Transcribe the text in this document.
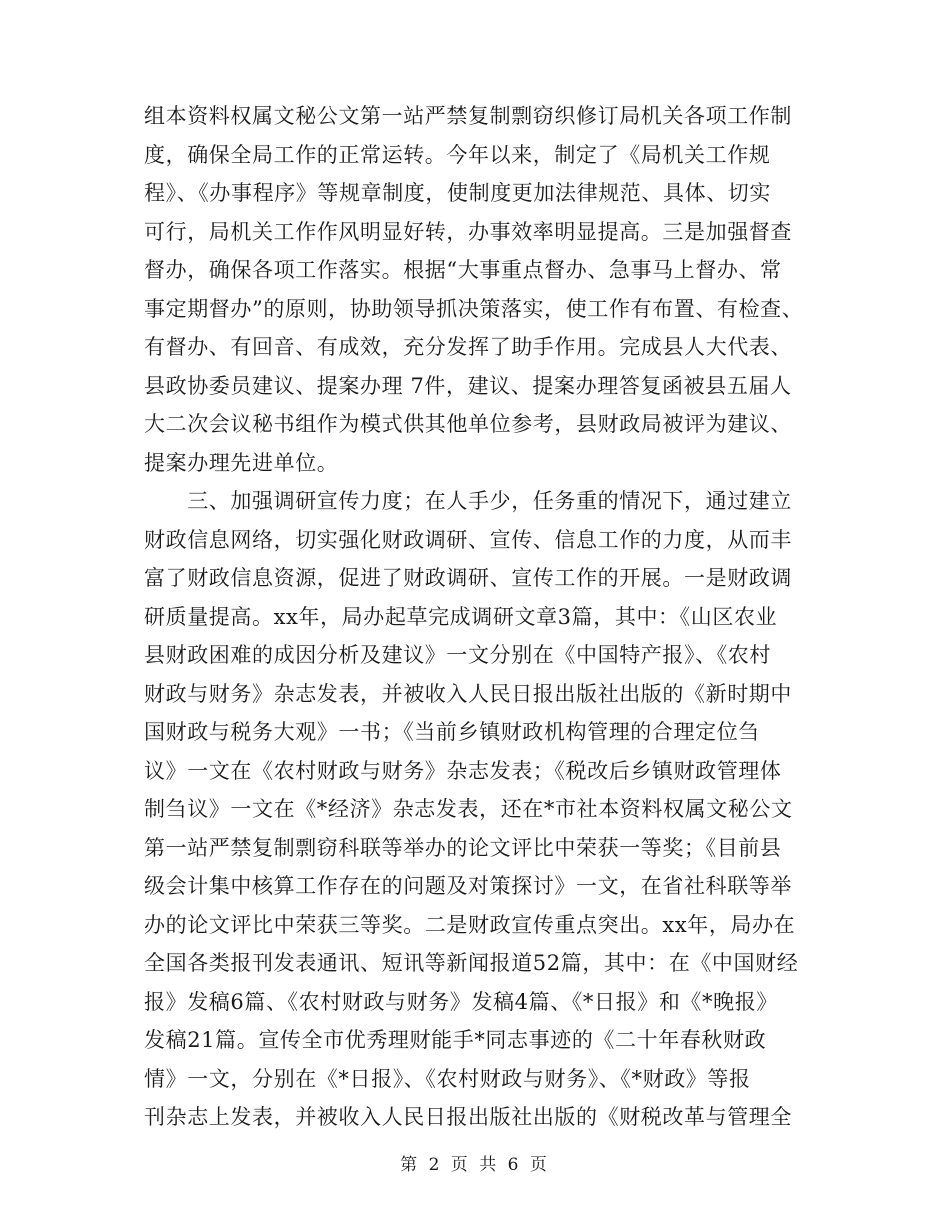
组本资料权属文秘公文第一站严禁复制剽窃织修订局机关各项工作制
度，确保全局工作的正常运转。今年以来，制定了《局机关工作规
程》、《办事程序》等规章制度，使制度更加法律规范、具体、切实
可行，局机关工作作风明显好转，办事效率明显提高。三是加强督查
督办，确保各项工作落实。根据“大事重点督办、急事马上督办、常
事定期督办”的原则，协助领导抓决策落实，使工作有布置、有检查、
有督办、有回音、有成效，充分发挥了助手作用。完成县人大代表、
县政协委员建议、提案办理 7件，建议、提案办理答复函被县五届人
大二次会议秘书组作为模式供其他单位参考，县财政局被评为建议、
提案办理先进单位。
　　三、加强调研宣传力度；在人手少，任务重的情况下，通过建立
财政信息网络，切实强化财政调研、宣传、信息工作的力度，从而丰
富了财政信息资源，促进了财政调研、宣传工作的开展。一是财政调
研质量提高。xx年，局办起草完成调研文章3篇，其中：《山区农业
县财政困难的成因分析及建议》一文分别在《中国特产报》、《农村
财政与财务》杂志发表，并被收入人民日报出版社出版的《新时期中
国财政与税务大观》一书；《当前乡镇财政机构管理的合理定位刍
议》一文在《农村财政与财务》杂志发表；《税改后乡镇财政管理体
制刍议》一文在《*经济》杂志发表，还在*市社本资料权属文秘公文
第一站严禁复制剽窃科联等举办的论文评比中荣获一等奖；《目前县
级会计集中核算工作存在的问题及对策探讨》一文，在省社科联等举
办的论文评比中荣获三等奖。二是财政宣传重点突出。xx年，局办在
全国各类报刊发表通讯、短讯等新闻报道52篇，其中：在《中国财经
报》发稿6篇、《农村财政与财务》发稿4篇、《*日报》和《*晚报》
发稿21篇。宣传全市优秀理财能手*同志事迹的《二十年春秋财政
情》一文，分别在《*日报》、《农村财政与财务》、《*财政》等报
刊杂志上发表，并被收入人民日报出版社出版的《财税改革与管理全
第 2 页 共 6 页
